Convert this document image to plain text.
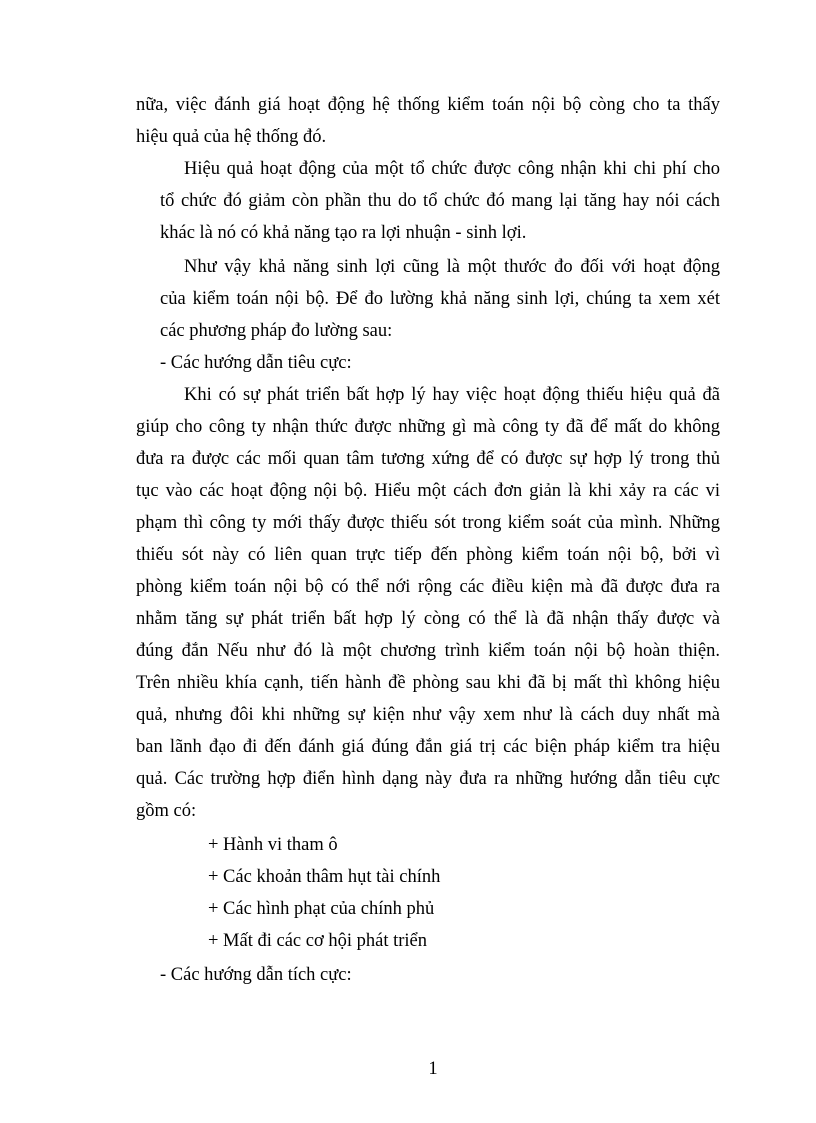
nữa, việc đánh giá hoạt động hệ thống kiểm toán nội bộ còng cho ta thấy
hiệu quả của hệ thống đó.
Hiệu quả hoạt động của một tổ chức được công nhận khi chi phí cho
tổ chức đó giảm còn phần thu do tổ chức đó mang lại tăng hay nói cách
khác là nó có khả năng tạo ra lợi nhuận - sinh lợi.
Như vậy khả năng sinh lợi cũng là một thước đo đối với hoạt động
của kiểm toán nội bộ. Để đo lường khả năng sinh lợi, chúng ta xem xét
các phương pháp đo lường sau:
- Các hướng dẫn tiêu cực:
Khi có sự phát triển bất hợp lý hay việc hoạt động thiếu hiệu quả đã
giúp cho công ty nhận thức được những gì mà công ty đã để mất do không
đưa ra được các mối quan tâm tương xứng để có được sự hợp lý trong thủ
tục vào các hoạt động nội bộ. Hiểu một cách đơn giản là khi xảy ra các vi
phạm thì công ty mới thấy được thiếu sót trong kiểm soát của mình. Những
thiếu sót này có liên quan trực tiếp đến phòng kiểm toán nội bộ, bởi vì
phòng kiểm toán nội bộ có thể nới rộng các điều kiện mà đã được đưa ra
nhằm tăng sự phát triển bất hợp lý còng có thể là đã nhận thấy được và
đúng đắn Nếu như đó là một chương trình kiểm toán nội bộ hoàn thiện.
Trên nhiều khía cạnh, tiến hành đề phòng sau khi đã bị mất thì không hiệu
quả, nhưng đôi khi những sự kiện như vậy xem như là cách duy nhất mà
ban lãnh đạo đi đến đánh giá đúng đắn giá trị các biện pháp kiểm tra hiệu
quả. Các trường hợp điển hình dạng này đưa ra những hướng dẫn tiêu cực
gồm có:
+ Hành vi tham ô
+ Các khoản thâm hụt tài chính
+ Các hình phạt của chính phủ
+ Mất đi các cơ hội phát triển
- Các hướng dẫn tích cực:
1
